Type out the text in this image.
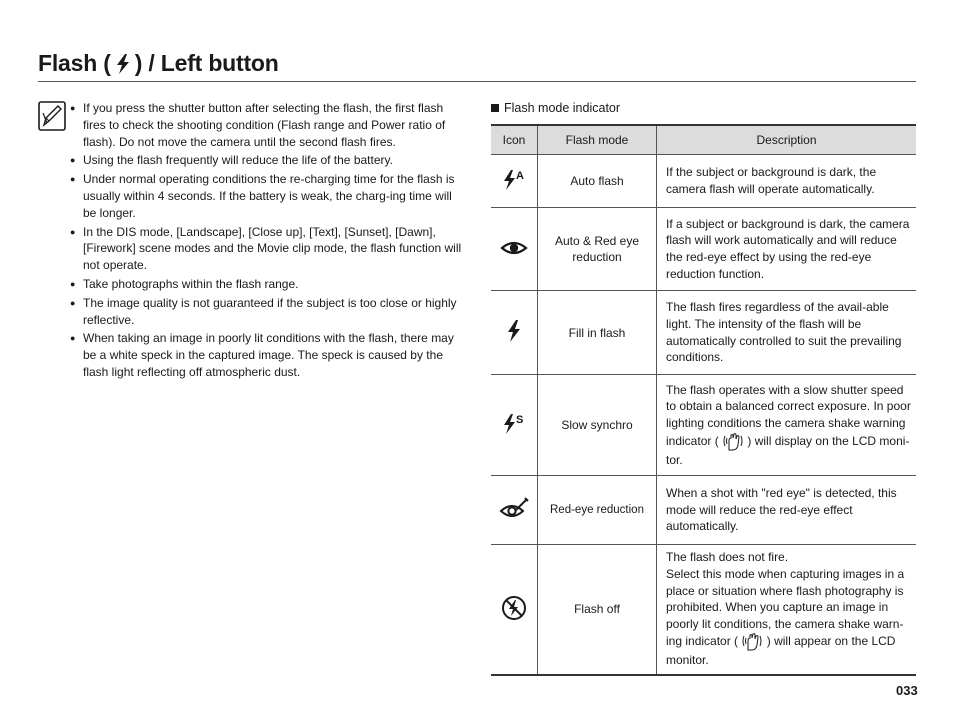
Flash ( ) / Left button
● If you press the shutter button after selecting the flash, the first flash fires to check the shooting condition (Flash range and Power ratio of flash). Do not move the camera until the second flash fires.
● Using the flash frequently will reduce the life of the battery.
● Under normal operating conditions the re-charging time for the flash is usually within 4 seconds. If the battery is weak, the charg-ing time will be longer.
● In the DIS mode, [Landscape], [Close up], [Text], [Sunset], [Dawn], [Firework] scene modes and the Movie clip mode, the flash function will not operate.
● Take photographs within the flash range.
● The image quality is not guaranteed if the subject is too close or highly reflective.
● When taking an image in poorly lit conditions with the flash, there may be a white speck in the captured image. The speck is caused by the flash light reflecting off atmospheric dust.
Flash mode indicator
Icon	Flash mode	Description

A	Auto flash	If the subject or background is dark, the camera flash will operate automatically.
	Auto & Red eye reduction	If a subject or background is dark, the camera flash will work automatically and will reduce the red-eye effect by using the red-eye reduction function.
	Fill in flash	The flash fires regardless of the avail-able light. The intensity of the flash will be automatically controlled to suit the prevailing conditions.

S	Slow synchro	The flash operates with a slow shutter speed to obtain a balanced correct exposure. In poor lighting conditions the camera shake warning indicator ( ) will display on the LCD moni-tor.
	Red-eye reduction	When a shot with "red eye" is detected, this mode will reduce the red-eye effect automatically.
	Flash off	The flash does not fire.
Select this mode when capturing images in a place or situation where flash photography is prohibited. When you capture an image in poorly lit conditions, the camera shake warn-ing indicator ( ) will appear on the LCD monitor.
033
